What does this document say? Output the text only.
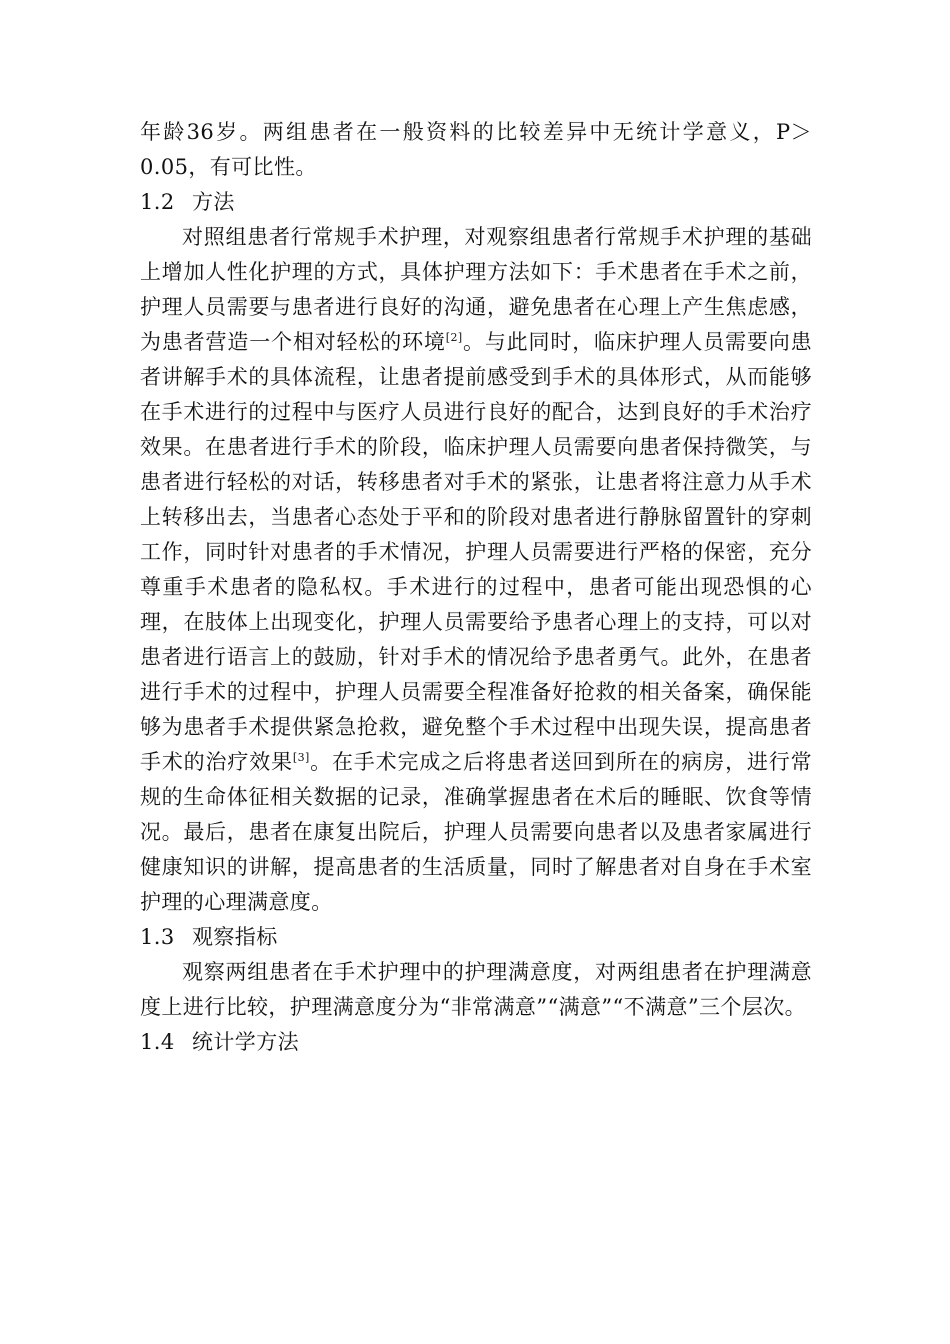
年龄36岁。两组患者在一般资料的比较差异中无统计学意义，P＞0.05，有可比性。

1.2 方法

对照组患者行常规手术护理，对观察组患者行常规手术护理的基础上增加人性化护理的方式，具体护理方法如下：手术患者在手术之前，护理人员需要与患者进行良好的沟通，避免患者在心理上产生焦虑感，为患者营造一个相对轻松的环境[2]。与此同时，临床护理人员需要向患者讲解手术的具体流程，让患者提前感受到手术的具体形式，从而能够在手术进行的过程中与医疗人员进行良好的配合，达到良好的手术治疗效果。在患者进行手术的阶段，临床护理人员需要向患者保持微笑，与患者进行轻松的对话，转移患者对手术的紧张，让患者将注意力从手术上转移出去，当患者心态处于平和的阶段对患者进行静脉留置针的穿刺工作，同时针对患者的手术情况，护理人员需要进行严格的保密，充分尊重手术患者的隐私权。手术进行的过程中，患者可能出现恐惧的心理，在肢体上出现变化，护理人员需要给予患者心理上的支持，可以对患者进行语言上的鼓励，针对手术的情况给予患者勇气。此外，在患者进行手术的过程中，护理人员需要全程准备好抢救的相关备案，确保能够为患者手术提供紧急抢救，避免整个手术过程中出现失误，提高患者手术的治疗效果[3]。在手术完成之后将患者送回到所在的病房，进行常规的生命体征相关数据的记录，准确掌握患者在术后的睡眠、饮食等情况。最后，患者在康复出院后，护理人员需要向患者以及患者家属进行健康知识的讲解，提高患者的生活质量，同时了解患者对自身在手术室护理的心理满意度。

1.3 观察指标

观察两组患者在手术护理中的护理满意度，对两组患者在护理满意度上进行比较，护理满意度分为“非常满意”“满意”“不满意”三个层次。

1.4 统计学方法
